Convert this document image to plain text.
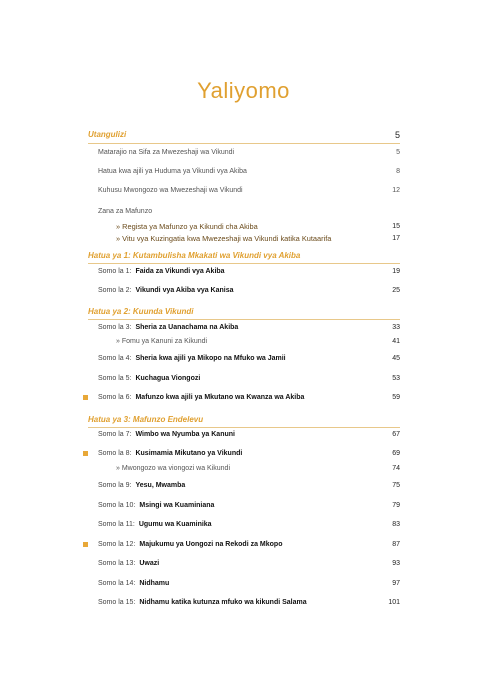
Yaliyomo
Utangulizi	5
Matarajio na Sifa za Mwezeshaji wa Vikundi	5
Hatua kwa ajili ya Huduma ya Vikundi vya Akiba	8
Kuhusu Mwongozo wa Mwezeshaji wa Vikundi	12
Zana za Mafunzo
» Regista ya Mafunzo ya Kikundi cha Akiba	15
» Vitu vya Kuzingatia kwa Mwezeshaji wa Vikundi katika Kutaarifa	17
Hatua ya 1: Kutambulisha Mkakati wa Vikundi vya Akiba
Somo la 1: Faida za Vikundi vya Akiba	19
Somo la 2: Vikundi vya Akiba vya Kanisa	25
Hatua ya 2: Kuunda Vikundi
Somo la 3: Sheria za Uanachama na Akiba	33
» Fomu ya Kanuni za Kikundi	41
Somo la 4: Sheria kwa ajili ya Mikopo na Mfuko wa Jamii	45
Somo la 5: Kuchagua Viongozi	53
Somo la 6: Mafunzo kwa ajili ya Mkutano wa Kwanza wa Akiba	59
Hatua ya 3: Mafunzo Endelevu
Somo la 7: Wimbo wa Nyumba ya Kanuni	67
Somo la 8: Kusimamia Mikutano ya Vikundi	69
» Mwongozo wa viongozi wa Kikundi	74
Somo la 9: Yesu, Mwamba	75
Somo la 10: Msingi wa Kuaminiana	79
Somo la 11: Ugumu wa Kuaminika	83
Somo la 12: Majukumu ya Uongozi na Rekodi za Mkopo	87
Somo la 13: Uwazi	93
Somo la 14: Nidhamu	97
Somo la 15: Nidhamu katika kutunza mfuko wa kikundi Salama	101
